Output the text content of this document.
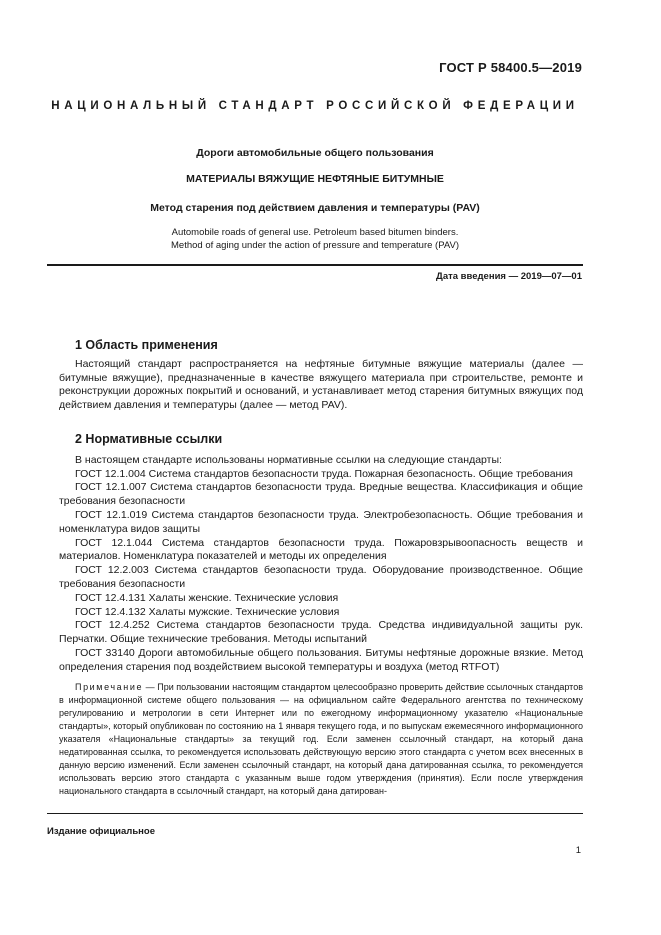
ГОСТ Р 58400.5—2019
НАЦИОНАЛЬНЫЙ СТАНДАРТ РОССИЙСКОЙ ФЕДЕРАЦИИ
Дороги автомобильные общего пользования
МАТЕРИАЛЫ ВЯЖУЩИЕ НЕФТЯНЫЕ БИТУМНЫЕ
Метод старения под действием давления и температуры (PAV)
Automobile roads of general use. Petroleum based bitumen binders.
Method of aging under the action of pressure and temperature (PAV)
Дата введения — 2019—07—01
1 Область применения

Настоящий стандарт распространяется на нефтяные битумные вяжущие материалы (далее — битумные вяжущие), предназначенные в качестве вяжущего материала при строительстве, ремонте и реконструкции дорожных покрытий и оснований, и устанавливает метод старения битумных вяжущих под действием давления и температуры (далее — метод PAV).

2 Нормативные ссылки

В настоящем стандарте использованы нормативные ссылки на следующие стандарты:

ГОСТ 12.1.004 Система стандартов безопасности труда. Пожарная безопасность. Общие требования

ГОСТ 12.1.007 Система стандартов безопасности труда. Вредные вещества. Классификация и общие требования безопасности

ГОСТ 12.1.019 Система стандартов безопасности труда. Электробезопасность. Общие требования и номенклатура видов защиты

ГОСТ 12.1.044 Система стандартов безопасности труда. Пожаровзрывоопасность веществ и материалов. Номенклатура показателей и методы их определения

ГОСТ 12.2.003 Система стандартов безопасности труда. Оборудование производственное. Общие требования безопасности

ГОСТ 12.4.131 Халаты женские. Технические условия

ГОСТ 12.4.132 Халаты мужские. Технические условия

ГОСТ 12.4.252 Система стандартов безопасности труда. Средства индивидуальной защиты рук. Перчатки. Общие технические требования. Методы испытаний

ГОСТ 33140 Дороги автомобильные общего пользования. Битумы нефтяные дорожные вязкие. Метод определения старения под воздействием высокой температуры и воздуха (метод RTFOT)

Примечание — При пользовании настоящим стандартом целесообразно проверить действие ссылочных стандартов в информационной системе общего пользования — на официальном сайте Федерального агентства по техническому регулированию и метрологии в сети Интернет или по ежегодному информационному указателю «Национальные стандарты», который опубликован по состоянию на 1 января текущего года, и по выпускам ежемесячного информационного указателя «Национальные стандарты» за текущий год. Если заменен ссылочный стандарт, на который дана недатированная ссылка, то рекомендуется использовать действующую версию этого стандарта с учетом всех внесенных в данную версию изменений. Если заменен ссылочный стандарт, на который дана датированная ссылка, то рекомендуется использовать версию этого стандарта с указанным выше годом утверждения (принятия). Если после утверждения национального стандарта в ссылочный стандарт, на который дана датирован-
Издание официальное
1
